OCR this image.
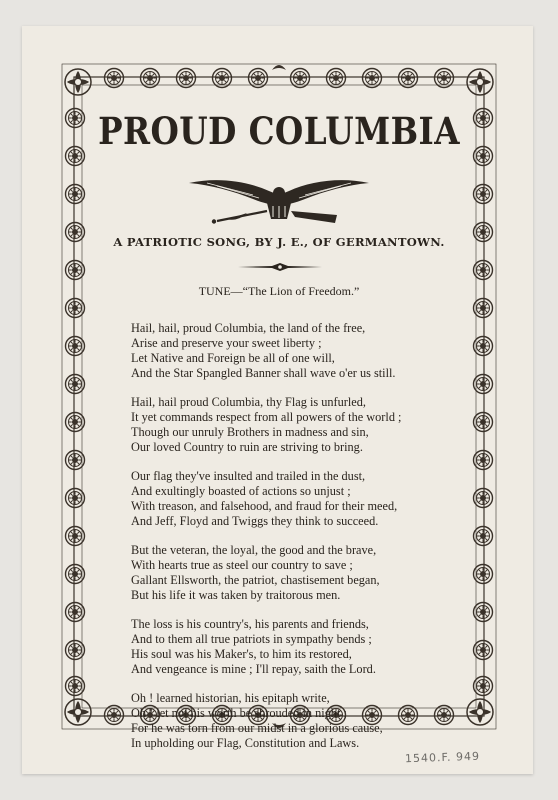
PROUD COLUMBIA
A PATRIOTIC SONG, BY J. E., OF GERMANTOWN.
TUNE—“The Lion of Freedom.”
Hail, hail, proud Columbia, the land of the free,
Arise and preserve your sweet liberty ;
Let Native and Foreign be all of one will,
And the Star Spangled Banner shall wave o'er us still.
Hail, hail proud Columbia, thy Flag is unfurled,
It yet commands respect from all powers of the world ;
Though our unruly Brothers in madness and sin,
Our loved Country to ruin are striving to bring.
Our flag they've insulted and trailed in the dust,
And exultingly boasted of actions so unjust ;
With treason, and falsehood, and fraud for their meed,
And Jeff, Floyd and Twiggs they think to succeed.
But the veteran, the loyal, the good and the brave,
With hearts true as steel our country to save ;
Gallant Ellsworth, the patriot, chastisement began,
But his life it was taken by traitorous men.
The loss is his country's, his parents and friends,
And to them all true patriots in sympathy bends ;
His soul was his Maker's, to him its restored,
And vengeance is mine ; I'll repay, saith the Lord.
Oh ! learned historian, his epitaph write,
Oh ! let not his worth be shrouded in night ;
For he was torn from our midst in a glorious cause,
In upholding our Flag, Constitution and Laws.
1540.F. 949
